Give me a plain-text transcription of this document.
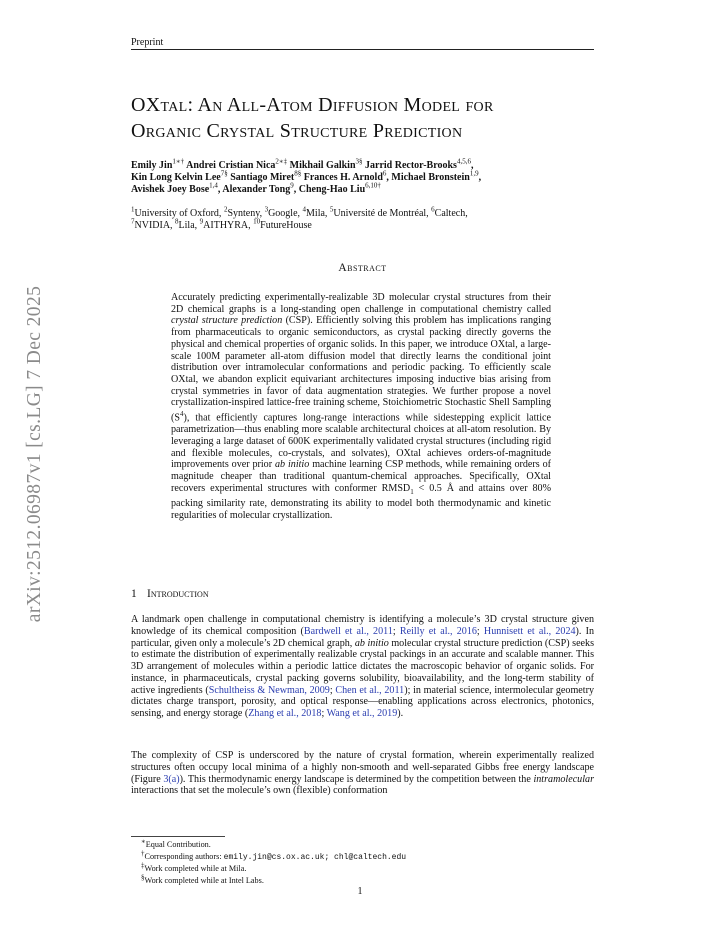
Preprint
arXiv:2512.06987v1 [cs.LG] 7 Dec 2025
OXtal: An All-Atom Diffusion Model for
Organic Crystal Structure Prediction
Emily Jin$^{1∗\dagger}$ Andrei Cristian Nica$^{2∗\ddagger}$ Mikhail Galkin$^{3\S}$ Jarrid Rector-Brooks$^{4,5,6}$,
Kin Long Kelvin Lee$^{7\S}$ Santiago Miret$^{8\S}$ Frances H. Arnold$^6$, Michael Bronstein$^{1,9}$,
Avishek Joey Bose$^{1,4}$, Alexander Tong$^9$, Cheng-Hao Liu$^{6,10\dagger}$
$^1$University of Oxford, $^2$Synteny, $^3$Google, $^4$Mila, $^5$Université de Montréal, $^6$Caltech,
$^7$NVIDIA, $^8$Lila, $^9$AITHYRA, $^{10}$FutureHouse
Abstract
Accurately predicting experimentally-realizable 3D molecular crystal structures from their 2D chemical graphs is a long-standing open challenge in computational chemistry called crystal structure prediction (CSP). Efficiently solving this problem has implications ranging from pharmaceuticals to organic semiconductors, as crystal packing directly governs the physical and chemical properties of organic solids. In this paper, we introduce OXtal, a large-scale 100M parameter all-atom diffusion model that directly learns the conditional joint distribution over intramolecular conformations and periodic packing. To efficiently scale OXtal, we abandon explicit equivariant architectures imposing inductive bias arising from crystal symmetries in favor of data augmentation strategies. We further propose a novel crystallization-inspired lattice-free training scheme, Stoichiometric Stochastic Shell Sampling $(S^4)$, that efficiently captures long-range interactions while sidestepping explicit lattice parametrization—thus enabling more scalable architectural choices at all-atom resolution. By leveraging a large dataset of 600K experimentally validated crystal structures (including rigid and flexible molecules, co-crystals, and solvates), OXtal achieves orders-of-magnitude improvements over prior ab initio machine learning CSP methods, while remaining orders of magnitude cheaper than traditional quantum-chemical approaches. Specifically, OXtal recovers experimental structures with conformer $RMSD_1 < 0.5$ Å and attains over 80% packing similarity rate, demonstrating its ability to model both thermodynamic and kinetic regularities of molecular crystallization.
1 Introduction
A landmark open challenge in computational chemistry is identifying a molecule’s 3D crystal structure given knowledge of its chemical composition (Bardwell et al., 2011; Reilly et al., 2016; Hunnisett et al., 2024). In particular, given only a molecule’s 2D chemical graph, ab initio molecular crystal structure prediction (CSP) seeks to estimate the distribution of experimentally realizable crystal packings in an accurate and scalable manner. This 3D arrangement of molecules within a periodic lattice dictates the macroscopic behavior of organic solids. For instance, in pharmaceuticals, crystal packing governs solubility, bioavailability, and the long-term stability of active ingredients (Schultheiss & Newman, 2009; Chen et al., 2011); in material science, intermolecular geometry dictates charge transport, porosity, and optical response—enabling applications across electronics, photonics, sensing, and energy storage (Zhang et al., 2018; Wang et al., 2019).
The complexity of CSP is underscored by the nature of crystal formation, wherein experimentally realized structures often occupy local minima of a highly non-smooth and well-separated Gibbs free energy landscape (Figure 3(a)). This thermodynamic energy landscape is determined by the competition between the intramolecular interactions that set the molecule’s own (flexible) conformation
∗Equal Contribution.
†Corresponding authors: emily.jin@cs.ox.ac.uk; chl@caltech.edu
‡Work completed while at Mila.
§Work completed while at Intel Labs.
1
